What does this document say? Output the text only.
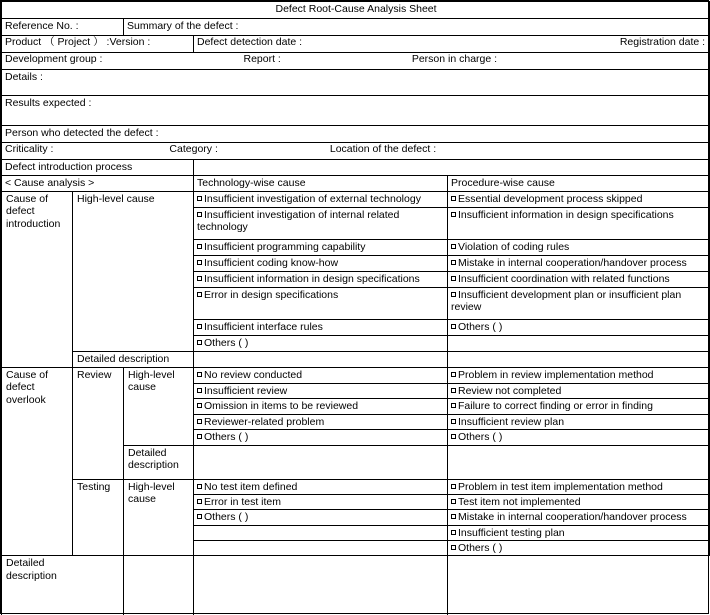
Defect Root-Cause Analysis Sheet				
Reference No. :		Summary of the defect :		

Product （ Project ） : Version :			Defect detection date : Registration date :	

Development group : Report : Person in charge :				

Details :				
Results expected :				
Person who detected the defect :				

Criticality : Category : Location of the defect :				

Defect introduction process				
< Cause analysis >			Technology-wise cause	Procedure-wise cause

Cause of
defect
introduction	High-level cause		Insufficient investigation of external technology	Essential development process skipped
			Insufficient investigation of internal related technology	Insufficient information in design specifications
			Insufficient programming capability	Violation of coding rules
			Insufficient coding know-how	Mistake in internal cooperation/handover process
			Insufficient information in design specifications	Insufficient coordination with related functions
			Error in design specifications	Insufficient development plan or insufficient plan review
			Insufficient interface rules	Others ( )
			Others ( )	
	Detailed description			

Cause of
defect
overlook
	Review	High-level
cause
	No review conducted	Problem in review implementation method
			Insufficient review	Review not completed
			Omission in items to be reviewed	Failure to correct finding or error in finding
			Reviewer-related problem	Insufficient review plan
			Others ( )	Others ( )

		Detailed
description		

	Testing	High-level
cause	No test item defined	Problem in test item implementation method
			Error in test item	Test item not implemented
			Others ( )	Mistake in internal cooperation/handover process
				Insufficient testing plan
				Others ( )

Detailed
description				
